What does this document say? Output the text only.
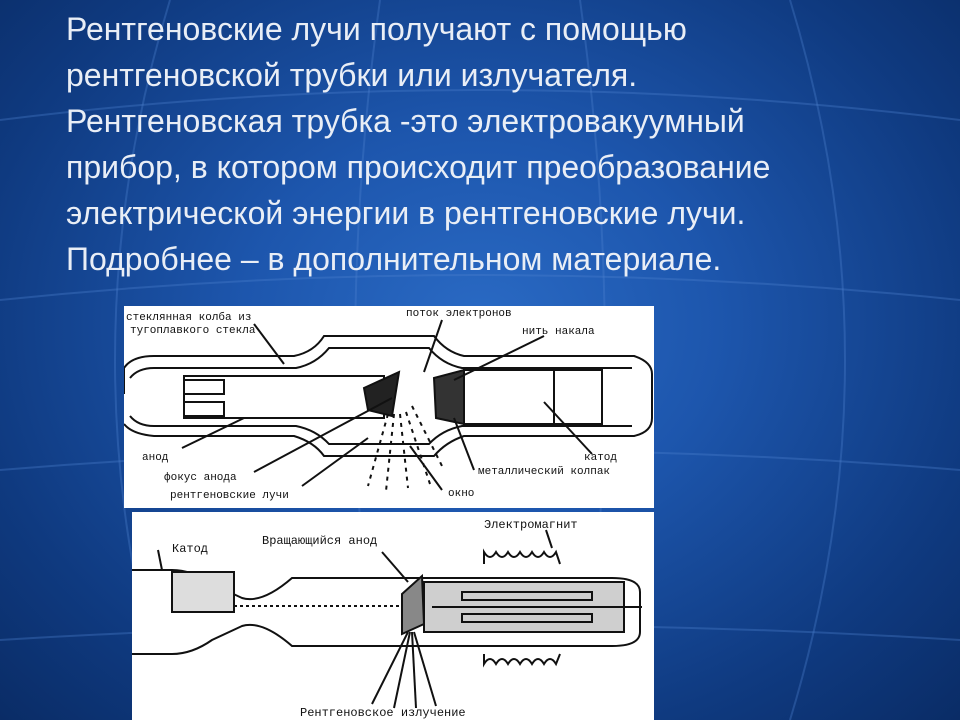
Рентгеновские лучи получают с помощью
рентгеновской трубки или излучателя.
Рентгеновская трубка -это электровакуумный
прибор, в котором происходит преобразование
электрической энергии в рентгеновские лучи.
Подробнее – в дополнительном материале.
стеклянная колба из
тугоплавкого стекла
поток электронов
нить накала
анод
фокус анода
рентгеновские лучи
катод
металлический колпак
окно
Катод
Вращающийся анод
Электромагнит
Рентгеновское излучение
